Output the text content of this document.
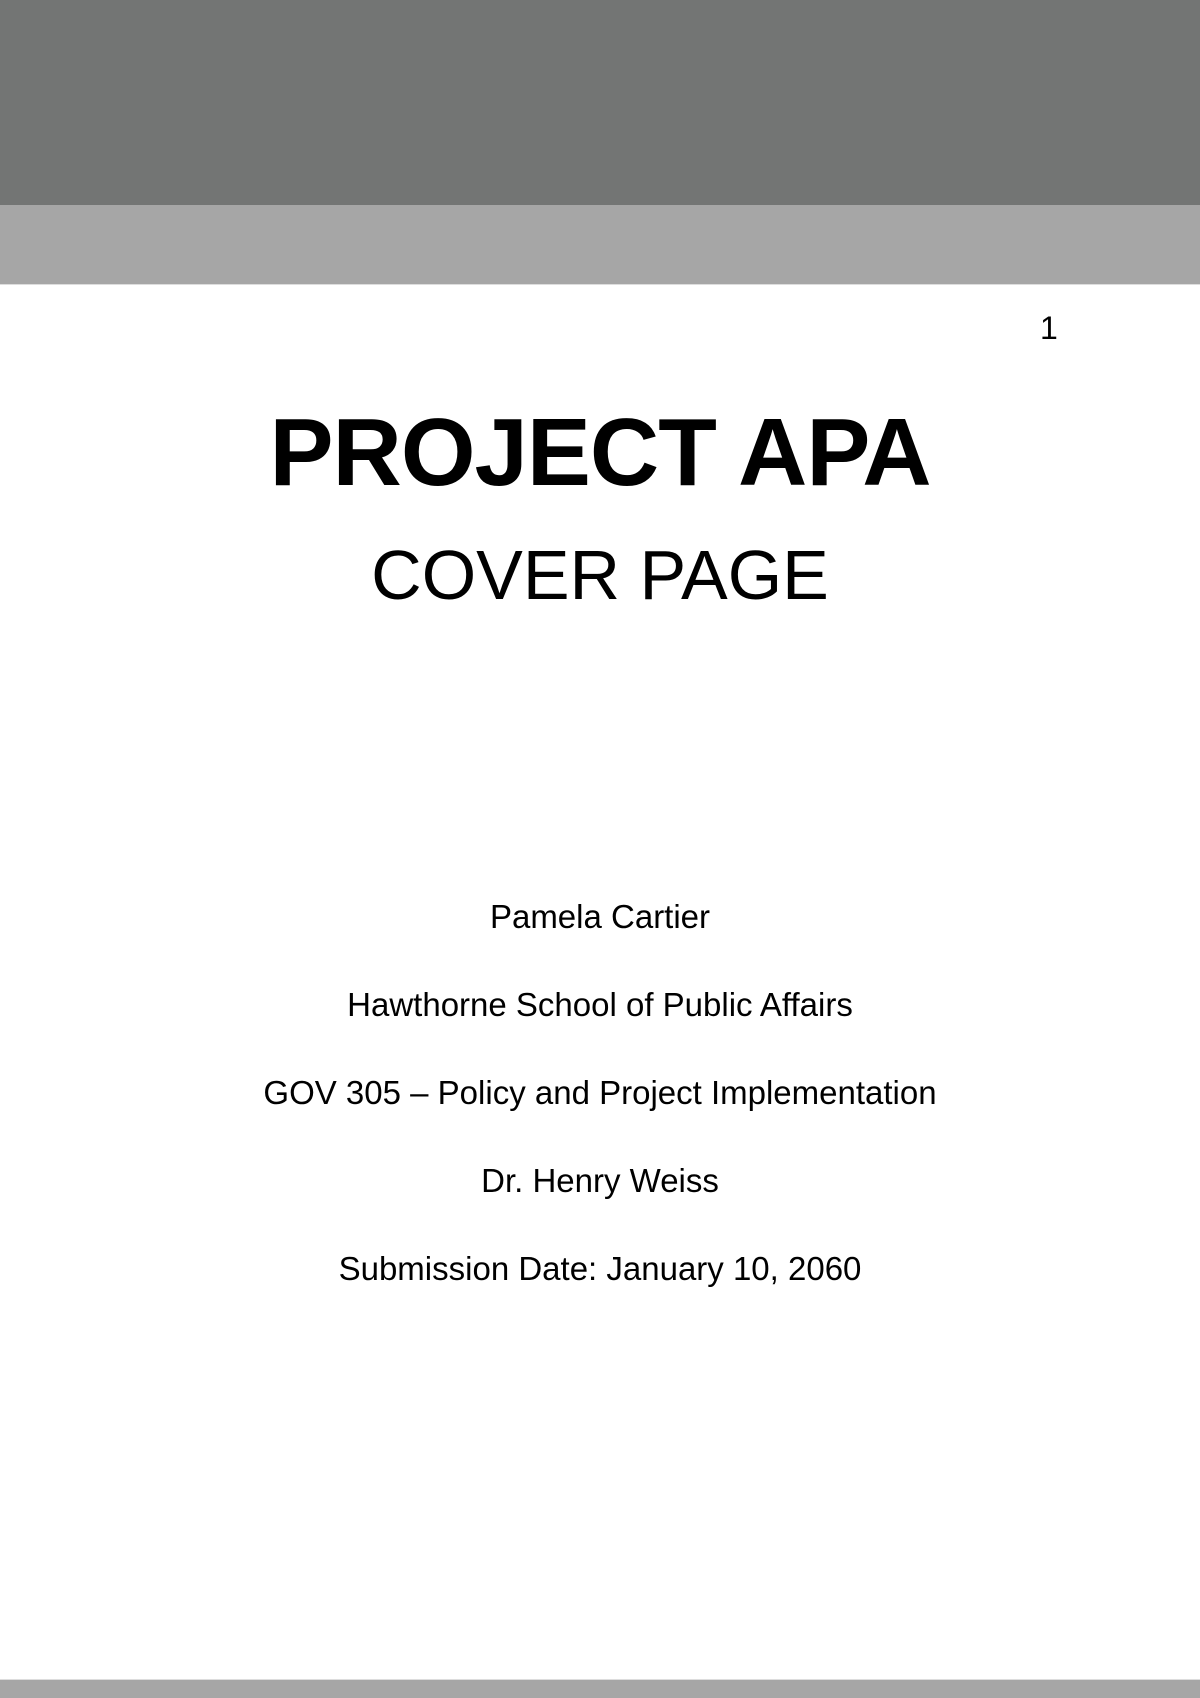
1
PROJECT APA
COVER PAGE
Pamela Cartier
Hawthorne School of Public Affairs
GOV 305 – Policy and Project Implementation
Dr. Henry Weiss
Submission Date: January 10, 2060
